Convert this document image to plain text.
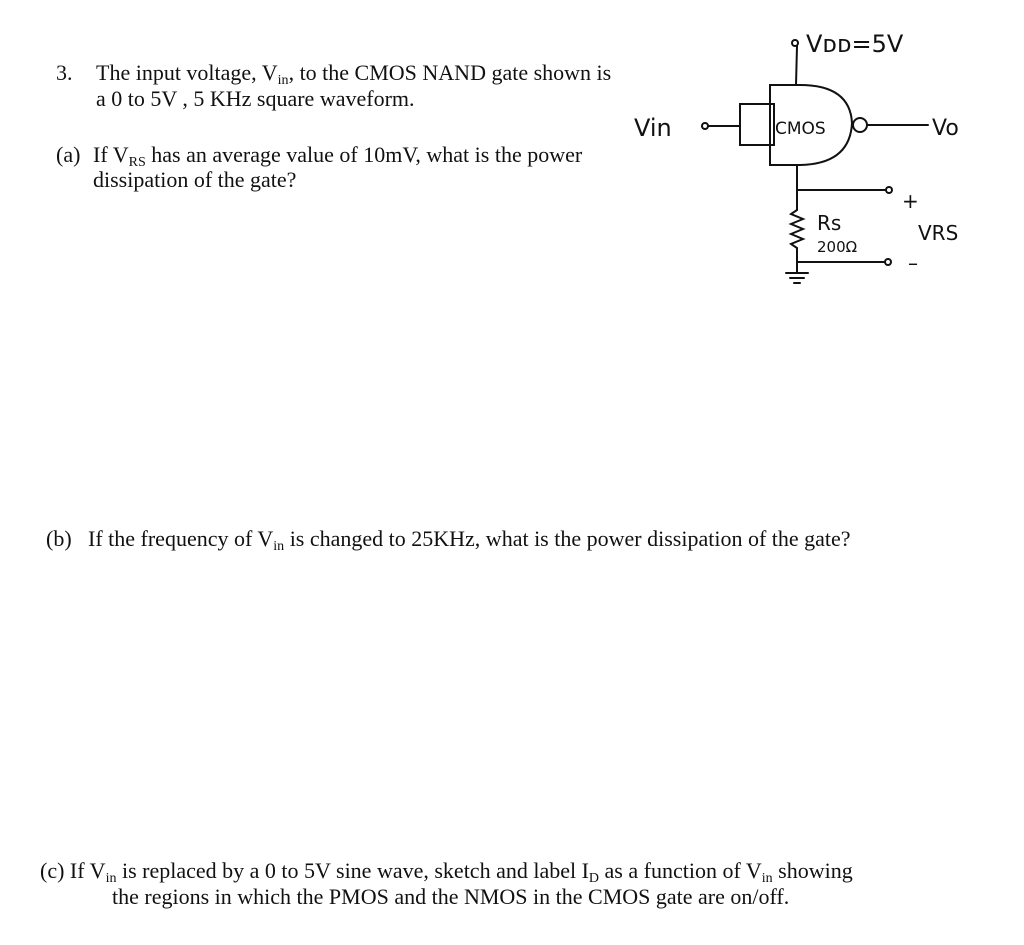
3. The input voltage, $V_{in}$, to the CMOS NAND gate shown is
a 0 to 5V , 5 KHz square waveform.
(a) If $V_{RS}$ has an average value of 10mV, what is the power
dissipation of the gate?
(b) If the frequency of $V_{in}$ is changed to 25KHz, what is the power dissipation of the gate?
(c) If $V_{in}$ is replaced by a 0 to 5V sine wave, sketch and label $I_D$ as a function of $V_{in}$ showing
the regions in which the PMOS and the NMOS in the CMOS gate are on/off.
Vᴅᴅ=5V
Vin	CMOS	Vo
+
Rs
200Ω
VRS
–
